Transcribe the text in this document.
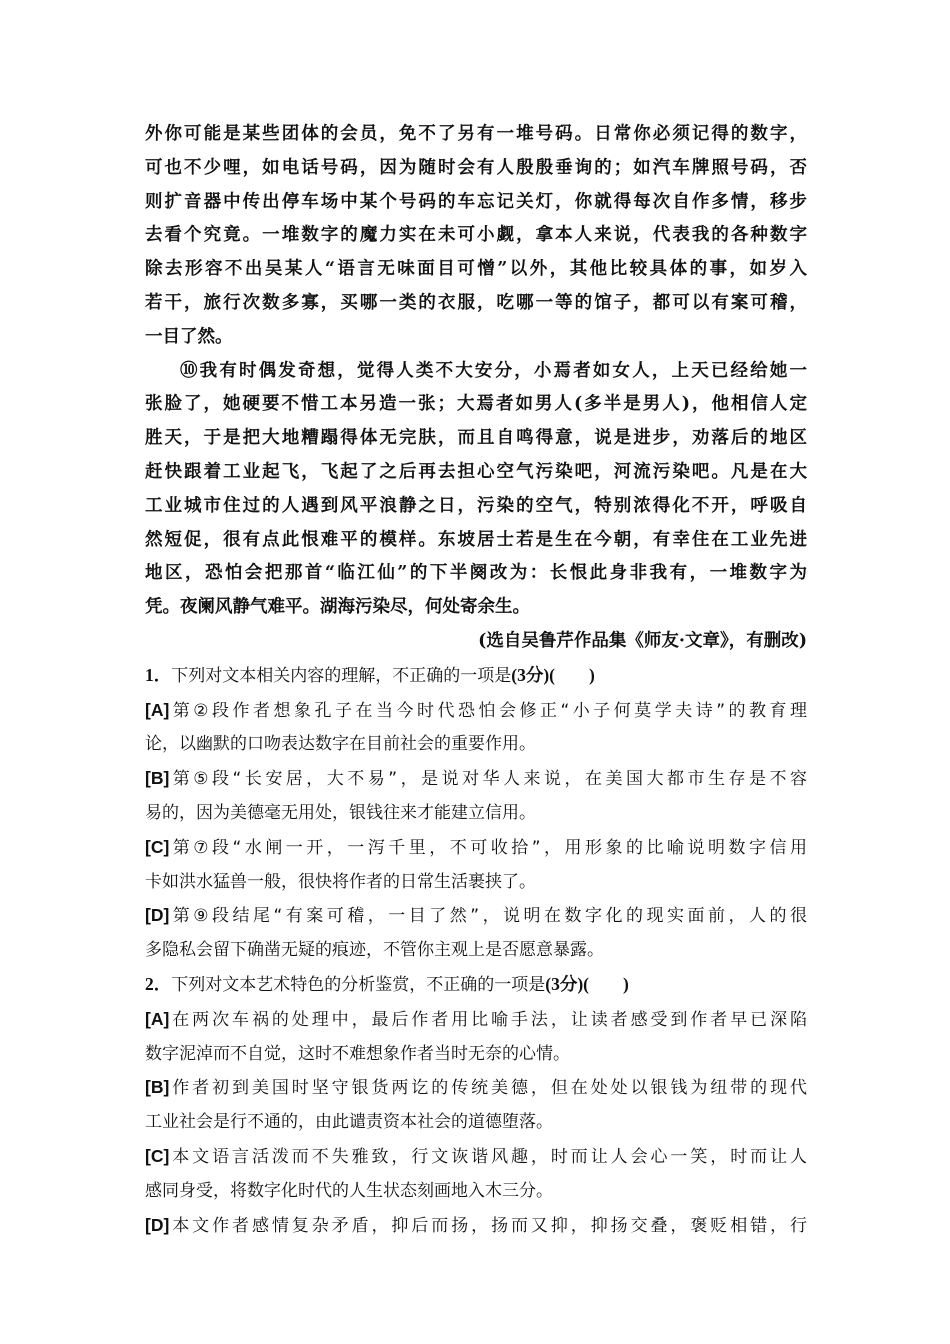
外你可能是某些团体的会员，免不了另有一堆号码。日常你必须记得的数字，

可也不少哩，如电话号码，因为随时会有人殷殷垂询的；如汽车牌照号码，否

则扩音器中传出停车场中某个号码的车忘记关灯，你就得每次自作多情，移步

去看个究竟。一堆数字的魔力实在未可小觑，拿本人来说，代表我的各种数字

除去形容不出吴某人“语言无味面目可憎”以外，其他比较具体的事，如岁入

若干，旅行次数多寡，买哪一类的衣服，吃哪一等的馆子，都可以有案可稽，

一目了然。

⑩我有时偶发奇想，觉得人类不大安分，小焉者如女人，上天已经给她一

张脸了，她硬要不惜工本另造一张；大焉者如男人(多半是男人)，他相信人定

胜天，于是把大地糟蹋得体无完肤，而且自鸣得意，说是进步，劝落后的地区

赶快跟着工业起飞，飞起了之后再去担心空气污染吧，河流污染吧。凡是在大

工业城市住过的人遇到风平浪静之日，污染的空气，特别浓得化不开，呼吸自

然短促，很有点此恨难平的模样。东坡居士若是生在今朝，有幸住在工业先进

地区，恐怕会把那首“临江仙”的下半阕改为：长恨此身非我有，一堆数字为

凭。夜阑风静气难平。湖海污染尽，何处寄余生。

(选自吴鲁芹作品集《师友·文章》，有删改)

1．下列对文本相关内容的理解，不正确的一项是(3分)( )

[A]第②段作者想象孔子在当今时代恐怕会修正“小子何莫学夫诗”的教育理

论，以幽默的口吻表达数字在目前社会的重要作用。

[B]第⑤段“长安居，大不易”，是说对华人来说，在美国大都市生存是不容

易的，因为美德毫无用处，银钱往来才能建立信用。

[C]第⑦段“水闸一开，一泻千里，不可收拾”，用形象的比喻说明数字信用

卡如洪水猛兽一般，很快将作者的日常生活裹挟了。

[D]第⑨段结尾“有案可稽，一目了然”，说明在数字化的现实面前，人的很

多隐私会留下确凿无疑的痕迹，不管你主观上是否愿意暴露。

2．下列对文本艺术特色的分析鉴赏，不正确的一项是(3分)( )

[A]在两次车祸的处理中，最后作者用比喻手法，让读者感受到作者早已深陷

数字泥淖而不自觉，这时不难想象作者当时无奈的心情。

[B]作者初到美国时坚守银货两讫的传统美德，但在处处以银钱为纽带的现代

工业社会是行不通的，由此谴责资本社会的道德堕落。

[C]本文语言活泼而不失雅致，行文诙谐风趣，时而让人会心一笑，时而让人

感同身受，将数字化时代的人生状态刻画地入木三分。

[D]本文作者感情复杂矛盾，抑后而扬，扬而又抑，抑扬交叠，褒贬相错，行
